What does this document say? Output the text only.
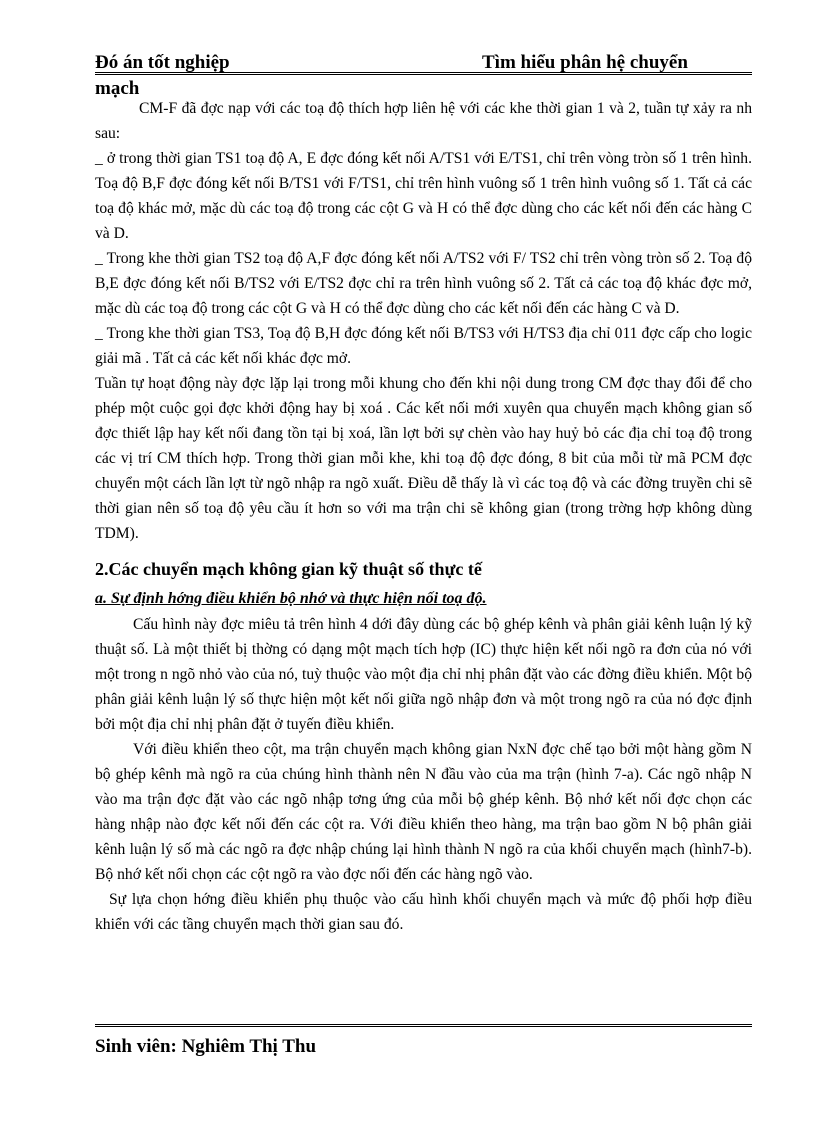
Đó án tốt nghiệp	Tìm hiểu phân hệ chuyển
mạch

CM-F đã đợc nạp với các toạ độ thích hợp liên hệ với các khe thời gian 1 và 2, tuần tự xảy ra nh sau:

_ ở trong thời gian TS1 toạ độ A, E đợc đóng kết nối A/TS1 với E/TS1, chỉ trên vòng tròn số 1 trên hình. Toạ độ B,F đợc đóng kết nối B/TS1 với F/TS1, chỉ trên hình vuông số 1 trên hình vuông số 1. Tất cả các toạ độ khác mở, mặc dù các toạ độ trong các cột G và H có thể đợc dùng cho các kết nối đến các hàng C và D.

_ Trong khe thời gian TS2 toạ độ A,F đợc đóng kết nối A/TS2 với F/ TS2 chỉ trên vòng tròn số 2. Toạ độ B,E đợc đóng kết nối B/TS2 với E/TS2 đợc chỉ ra trên hình vuông số 2. Tất cả các toạ độ khác đợc mở, mặc dù các toạ độ trong các cột G và H có thể đợc dùng cho các kết nối đến các hàng C và D.

_ Trong khe thời gian TS3, Toạ độ B,H đợc đóng kết nối B/TS3 với H/TS3 địa chỉ 011 đợc cấp cho logic giải mã . Tất cả các kết nối khác đợc mở.

Tuần tự hoạt động này đợc lặp lại trong mỗi khung cho đến khi nội dung trong CM đợc thay đổi để cho phép một cuộc gọi đợc khởi động hay bị xoá . Các kết nối mới xuyên qua chuyển mạch không gian số đợc thiết lập hay kết nối đang tồn tại bị xoá, lần lợt bởi sự chèn vào hay huỷ bỏ các địa chỉ toạ độ trong các vị trí CM thích hợp. Trong thời gian mỗi khe, khi toạ độ đợc đóng, 8 bit của mỗi từ mã PCM đợc chuyển một cách lần lợt từ ngõ nhập ra ngõ xuất. Điều dễ thấy là vì các toạ độ và các đờng truyền chi sẽ thời gian nên số toạ độ yêu cầu ít hơn so với ma trận chi sẽ không gian (trong trờng hợp không dùng TDM).

2.Các chuyển mạch không gian kỹ thuật số thực tế
a. Sự định hớng điều khiển bộ nhớ và thực hiện nối toạ độ.

Cấu hình này đợc miêu tả trên hình 4 dới đây dùng các bộ ghép kênh và phân giải kênh luận lý kỹ thuật số. Là một thiết bị thờng có dạng một mạch tích hợp (IC) thực hiện kết nối ngõ ra đơn của nó với một trong n ngõ nhỏ vào của nó, tuỳ thuộc vào một địa chỉ nhị phân đặt vào các đờng điều khiển. Một bộ phân giải kênh luận lý số thực hiện một kết nối giữa ngõ nhập đơn và một trong ngõ ra của nó đợc định bởi một địa chỉ nhị phân đặt ở tuyến điều khiển.

Với điều khiển theo cột, ma trận chuyển mạch không gian NxN đợc chế tạo bởi một hàng gồm N bộ ghép kênh mà ngõ ra của chúng hình thành nên N đầu vào của ma trận (hình 7-a). Các ngõ nhập N vào ma trận đợc đặt vào các ngõ nhập tơng ứng của mỗi bộ ghép kênh. Bộ nhớ kết nối đợc chọn các hàng nhập nào đợc kết nối đến các cột ra. Với điều khiển theo hàng, ma trận bao gồm N bộ phân giải kênh luận lý số mà các ngõ ra đợc nhập chúng lại hình thành N ngõ ra của khối chuyển mạch (hình7-b). Bộ nhớ kết nối chọn các cột ngõ ra vào đợc nối đến các hàng ngõ vào.

Sự lựa chọn hớng điều khiển phụ thuộc vào cấu hình khối chuyển mạch và mức độ phối hợp điều khiển với các tầng chuyển mạch thời gian sau đó.

Sinh viên: Nghiêm Thị Thu
